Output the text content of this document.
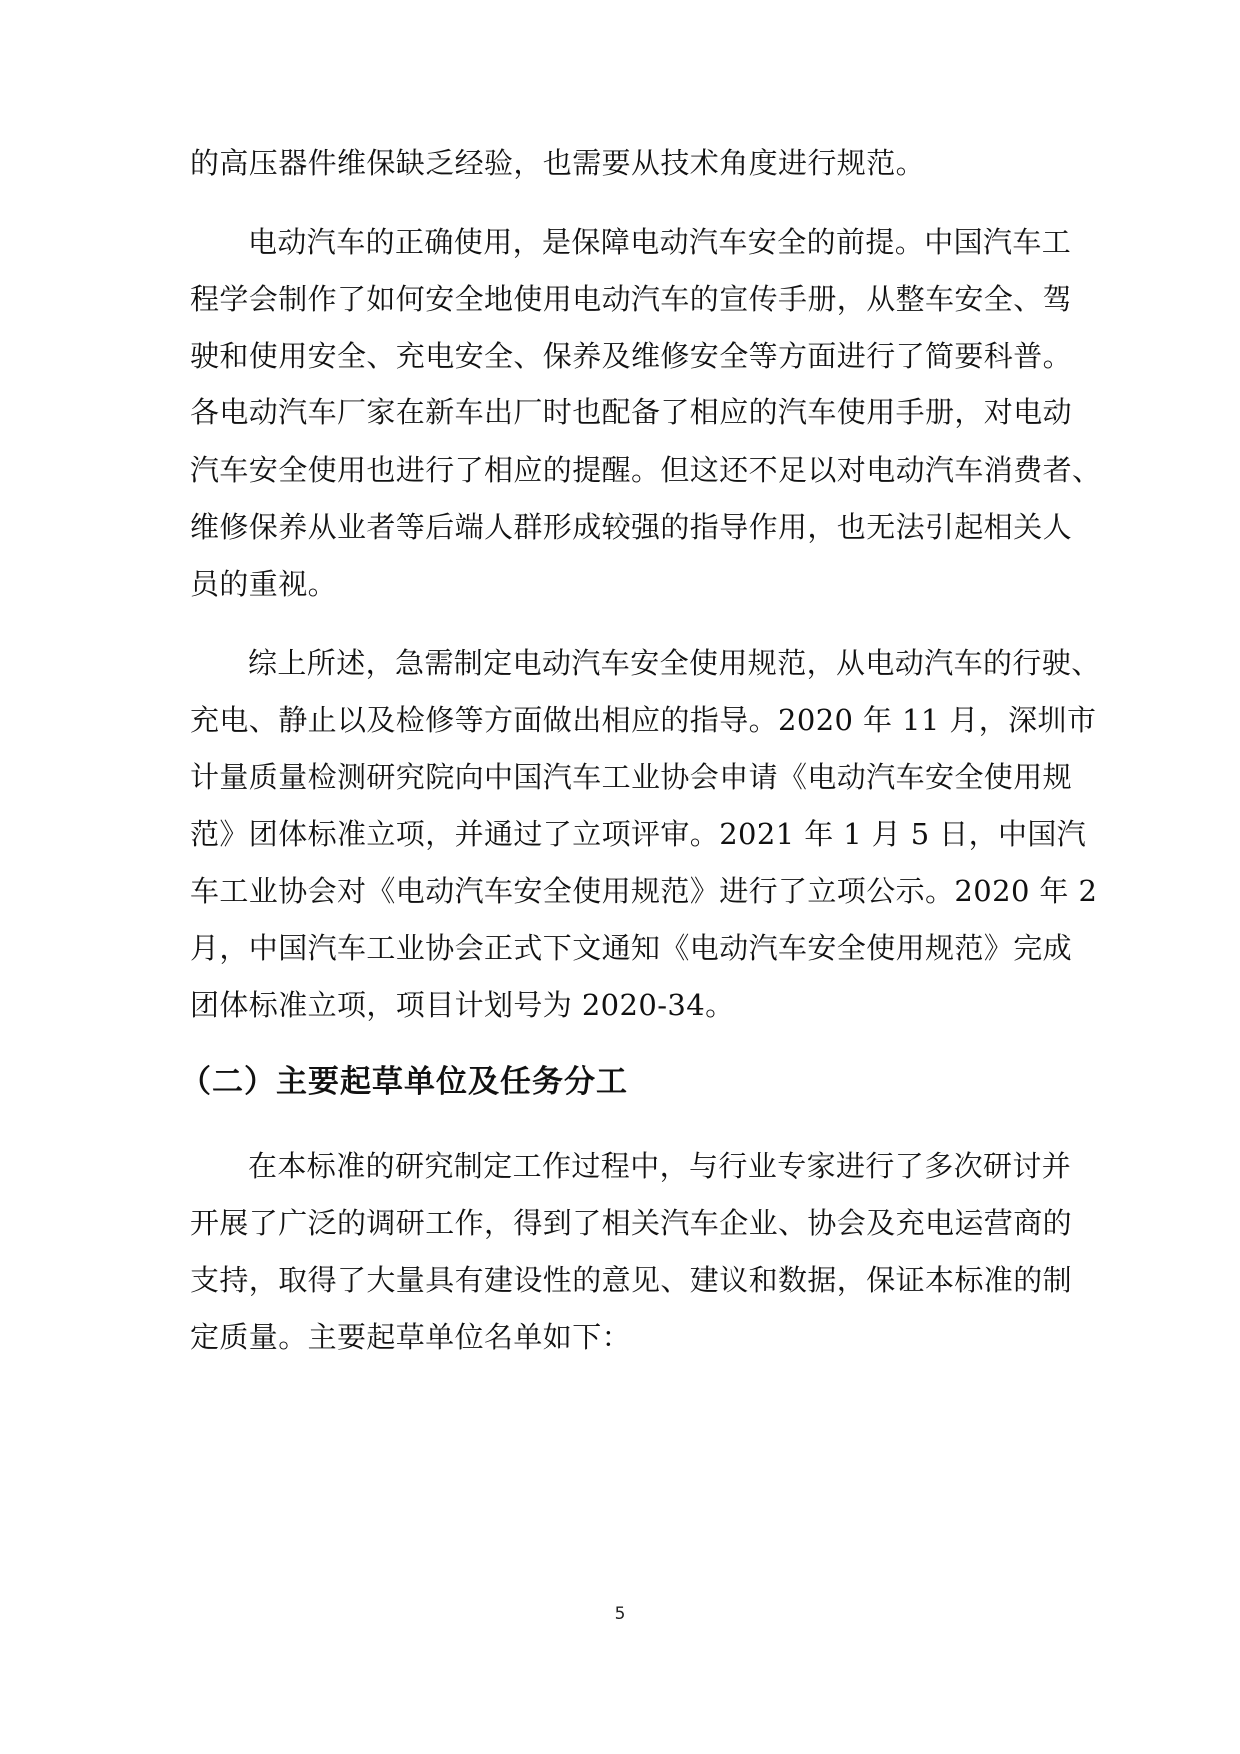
的高压器件维保缺乏经验，也需要从技术角度进行规范。
电动汽车的正确使用，是保障电动汽车安全的前提。中国汽车工
程学会制作了如何安全地使用电动汽车的宣传手册，从整车安全、驾
驶和使用安全、充电安全、保养及维修安全等方面进行了简要科普。
各电动汽车厂家在新车出厂时也配备了相应的汽车使用手册，对电动
汽车安全使用也进行了相应的提醒。但这还不足以对电动汽车消费者、
维修保养从业者等后端人群形成较强的指导作用，也无法引起相关人
员的重视。
综上所述，急需制定电动汽车安全使用规范，从电动汽车的行驶、
充电、静止以及检修等方面做出相应的指导。2020 年 11 月，深圳市
计量质量检测研究院向中国汽车工业协会申请《电动汽车安全使用规
范》团体标准立项，并通过了立项评审。2021 年 1 月 5 日，中国汽
车工业协会对《电动汽车安全使用规范》进行了立项公示。2020 年 2
月，中国汽车工业协会正式下文通知《电动汽车安全使用规范》完成
团体标准立项，项目计划号为 2020-34。
（二）主要起草单位及任务分工
在本标准的研究制定工作过程中，与行业专家进行了多次研讨并
开展了广泛的调研工作，得到了相关汽车企业、协会及充电运营商的
支持，取得了大量具有建设性的意见、建议和数据，保证本标准的制
定质量。主要起草单位名单如下：
5
